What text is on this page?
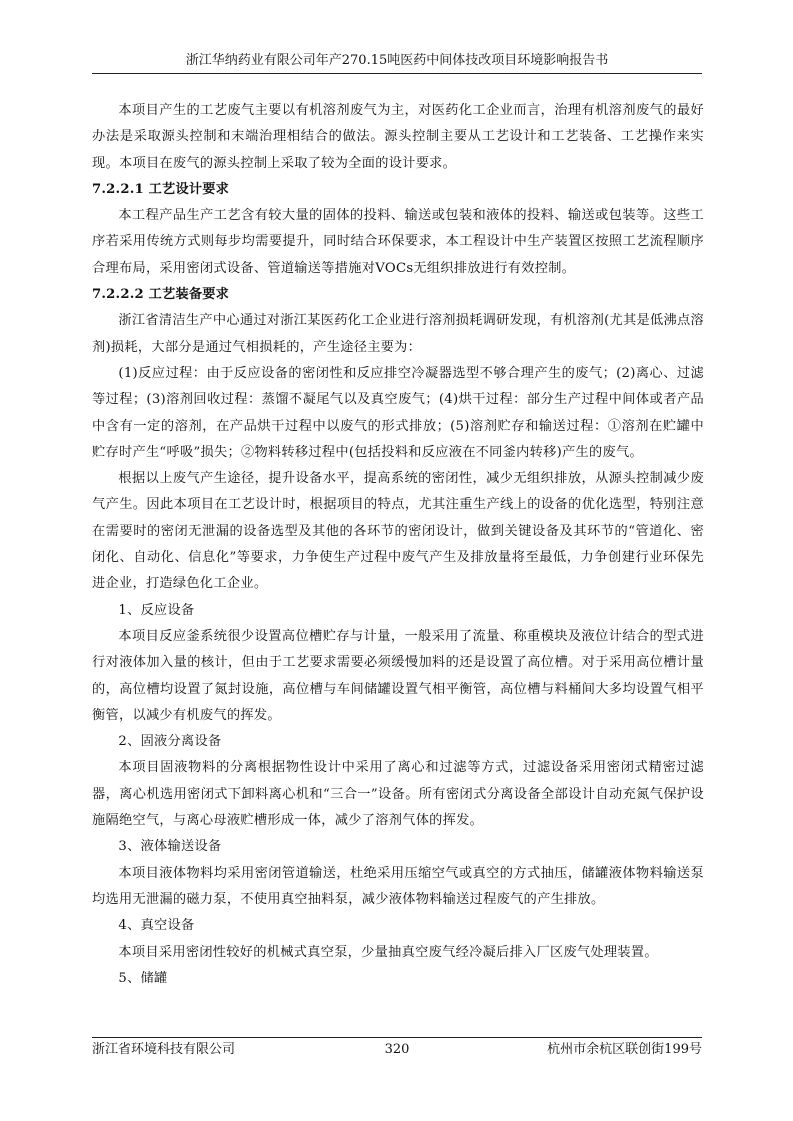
浙江华纳药业有限公司年产270.15吨医药中间体技改项目环境影响报告书

本项目产生的工艺废气主要以有机溶剂废气为主，对医药化工企业而言，治理有机溶剂废气的最好办法是采取源头控制和末端治理相结合的做法。源头控制主要从工艺设计和工艺装备、工艺操作来实现。本项目在废气的源头控制上采取了较为全面的设计要求。

7.2.2.1 工艺设计要求

本工程产品生产工艺含有较大量的固体的投料、输送或包装和液体的投料、输送或包装等。这些工序若采用传统方式则每步均需要提升，同时结合环保要求，本工程设计中生产装置区按照工艺流程顺序合理布局，采用密闭式设备、管道输送等措施对VOCs无组织排放进行有效控制。

7.2.2.2 工艺装备要求

浙江省清洁生产中心通过对浙江某医药化工企业进行溶剂损耗调研发现，有机溶剂(尤其是低沸点溶剂)损耗，大部分是通过气相损耗的，产生途径主要为：

(1)反应过程：由于反应设备的密闭性和反应排空冷凝器选型不够合理产生的废气；(2)离心、过滤等过程；(3)溶剂回收过程：蒸馏不凝尾气以及真空废气；(4)烘干过程：部分生产过程中间体或者产品中含有一定的溶剂，在产品烘干过程中以废气的形式排放；(5)溶剂贮存和输送过程：①溶剂在贮罐中贮存时产生“呼吸”损失；②物料转移过程中(包括投料和反应液在不同釜内转移)产生的废气。

根据以上废气产生途径，提升设备水平，提高系统的密闭性，减少无组织排放，从源头控制减少废气产生。因此本项目在工艺设计时，根据项目的特点，尤其注重生产线上的设备的优化选型，特别注意在需要时的密闭无泄漏的设备选型及其他的各环节的密闭设计，做到关键设备及其环节的“管道化、密闭化、自动化、信息化”等要求，力争使生产过程中废气产生及排放量将至最低，力争创建行业环保先进企业，打造绿色化工企业。

1、反应设备

本项目反应釜系统很少设置高位槽贮存与计量，一般采用了流量、称重模块及液位计结合的型式进行对液体加入量的核计，但由于工艺要求需要必须缓慢加料的还是设置了高位槽。对于采用高位槽计量的，高位槽均设置了氮封设施，高位槽与车间储罐设置气相平衡管，高位槽与料桶间大多均设置气相平衡管，以减少有机废气的挥发。

2、固液分离设备

本项目固液物料的分离根据物性设计中采用了离心和过滤等方式，过滤设备采用密闭式精密过滤器，离心机选用密闭式下卸料离心机和“三合一”设备。所有密闭式分离设备全部设计自动充氮气保护设施隔绝空气，与离心母液贮槽形成一体，减少了溶剂气体的挥发。

3、液体输送设备

本项目液体物料均采用密闭管道输送，杜绝采用压缩空气或真空的方式抽压，储罐液体物料输送泵均选用无泄漏的磁力泵，不使用真空抽料泵，减少液体物料输送过程废气的产生排放。

4、真空设备

本项目采用密闭性较好的机械式真空泵，少量抽真空废气经冷凝后排入厂区废气处理装置。

5、储罐

浙江省环境科技有限公司	320	杭州市余杭区联创街199号
